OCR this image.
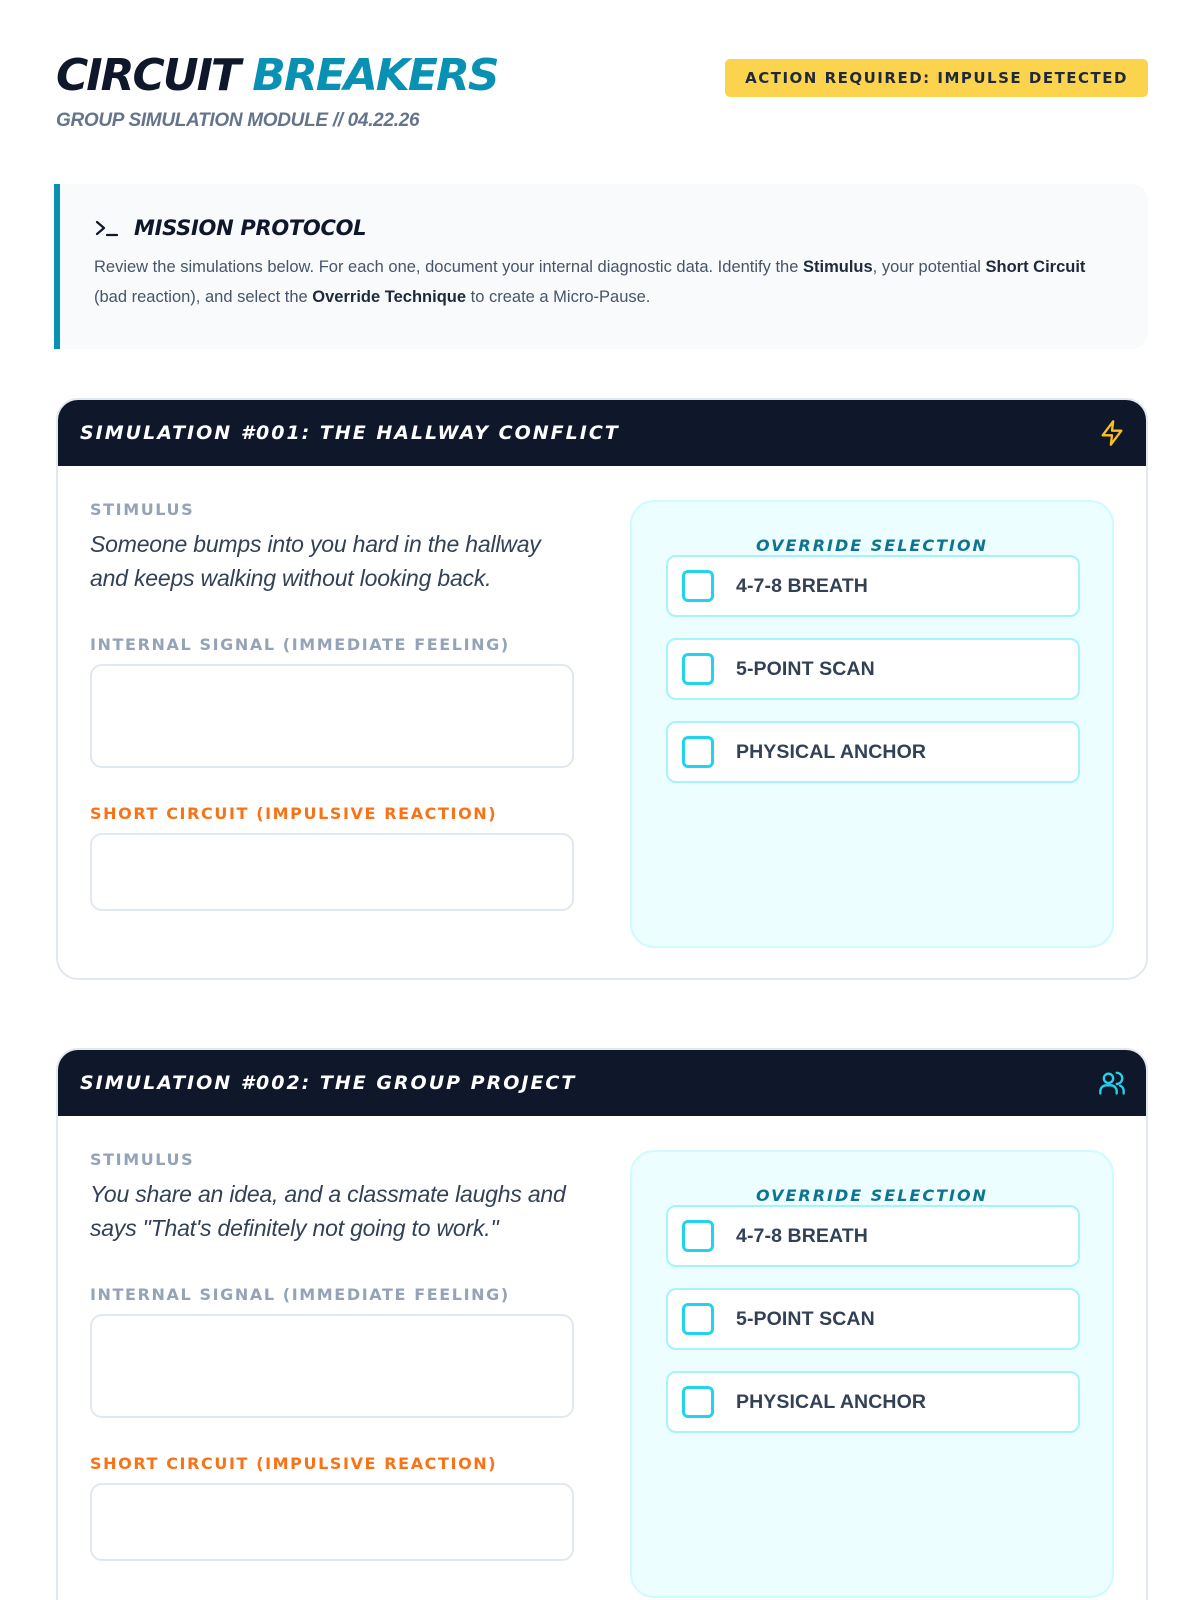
CIRCUIT BREAKERS
GROUP SIMULATION MODULE // 04.22.26
ACTION REQUIRED: IMPULSE DETECTED
MISSION PROTOCOL

Review the simulations below. For each one, document your internal diagnostic data. Identify the Stimulus, your potential Short Circuit (bad reaction), and select the Override Technique to create a Micro-Pause.

SIMULATION #001: THE HALLWAY CONFLICT
STIMULUS
Someone bumps into you hard in the hallway and keeps walking without looking back.
INTERNAL SIGNAL (IMMEDIATE FEELING)
SHORT CIRCUIT (IMPULSIVE REACTION)
OVERRIDE SELECTION
4-7-8 BREATH
5-POINT SCAN
PHYSICAL ANCHOR
SIMULATION #002: THE GROUP PROJECT
STIMULUS
You share an idea, and a classmate laughs and says "That's definitely not going to work."
INTERNAL SIGNAL (IMMEDIATE FEELING)
SHORT CIRCUIT (IMPULSIVE REACTION)
OVERRIDE SELECTION
4-7-8 BREATH
5-POINT SCAN
PHYSICAL ANCHOR
